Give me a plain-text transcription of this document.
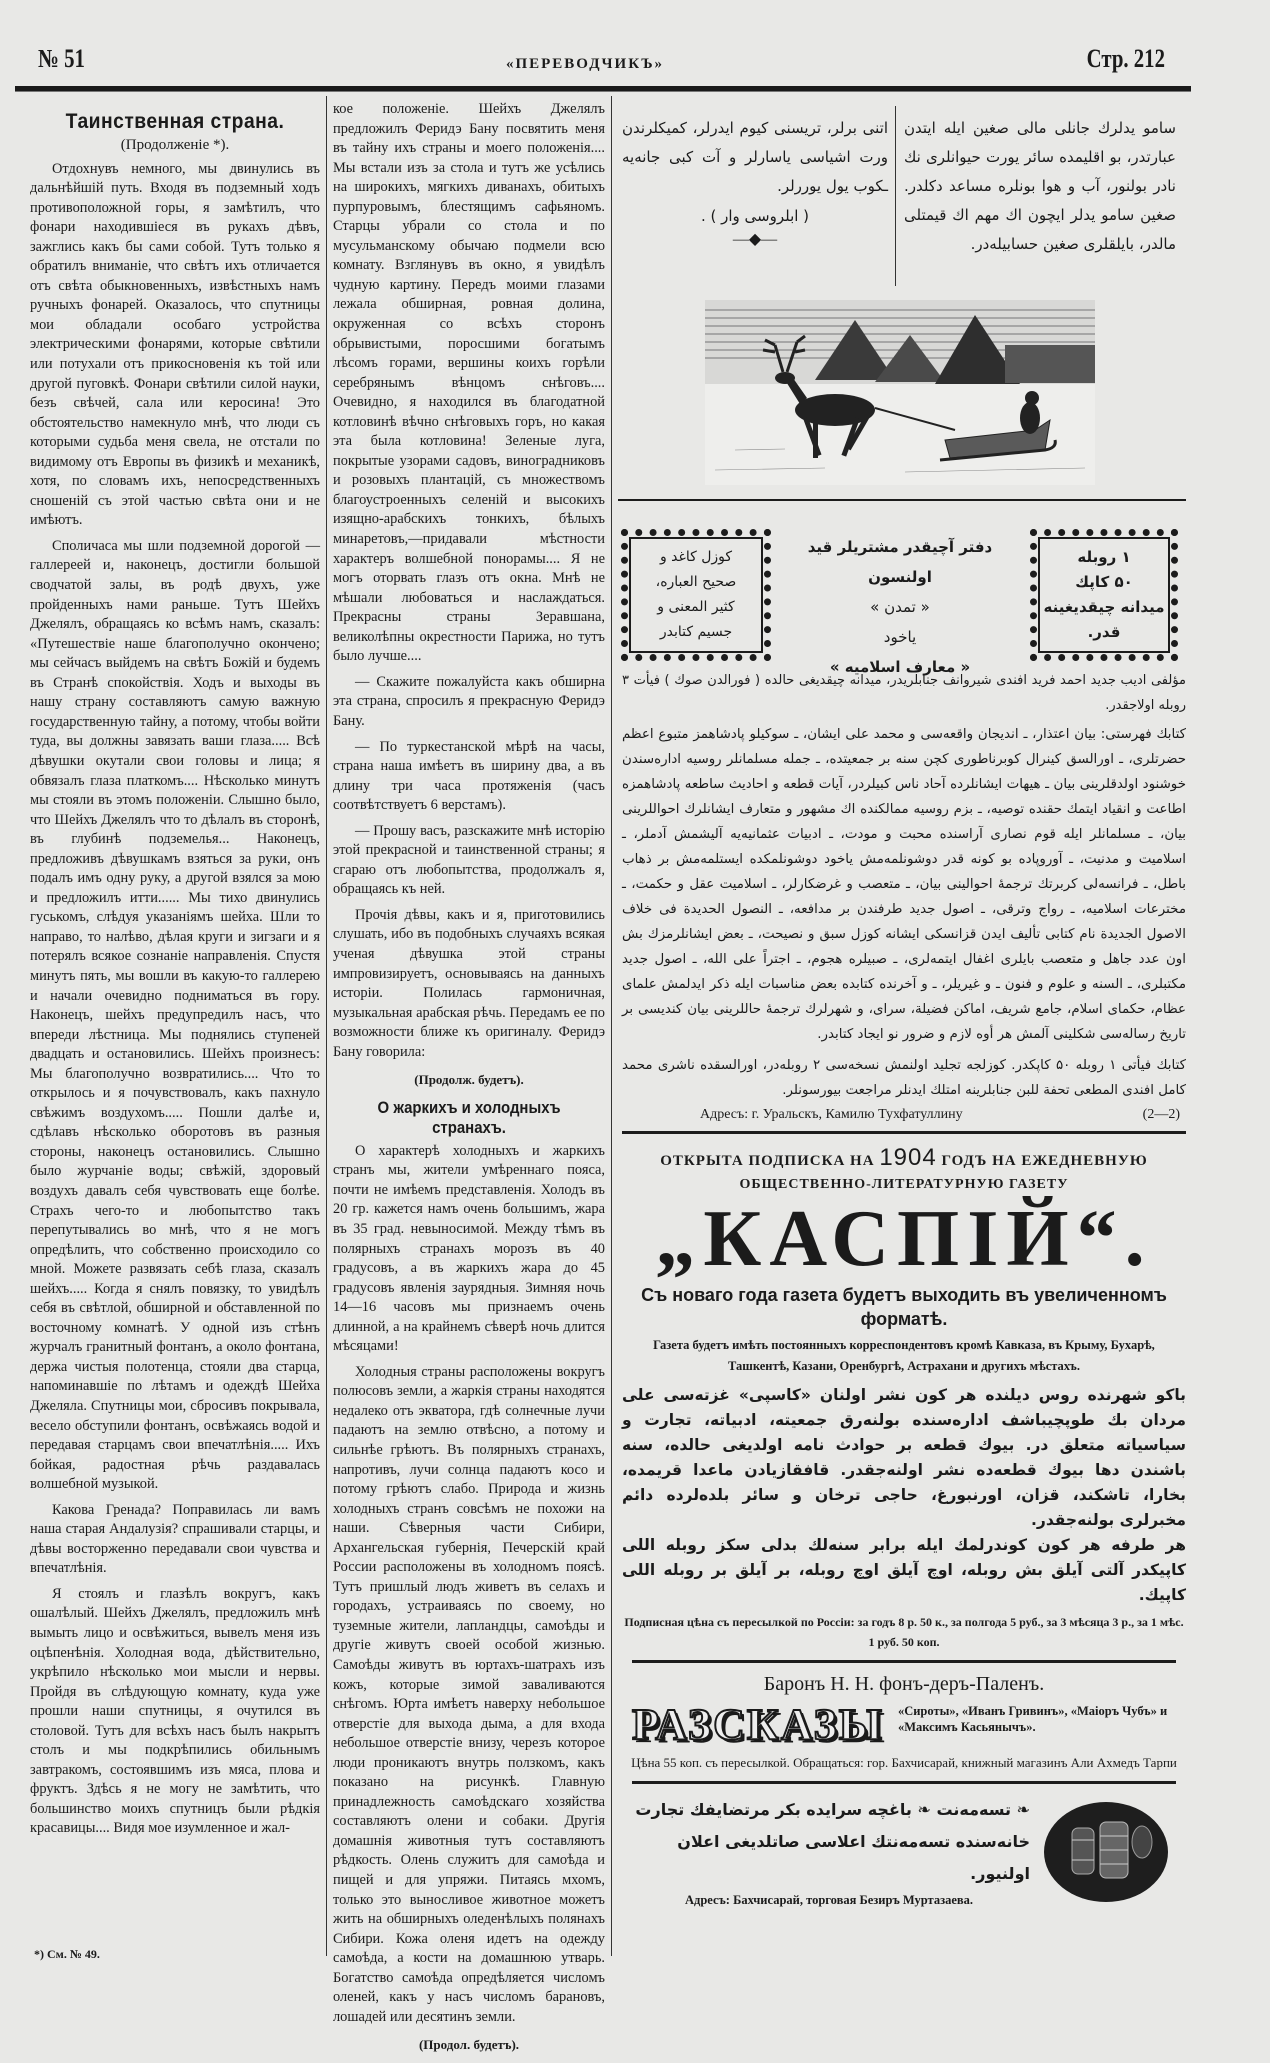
№ 51	«ПЕРЕВОДЧИКЪ»	Стр. 212
Таинственная страна.
(Продолженіе *).

Отдохнувъ немного, мы двинулись въ дальнѣйшій путь. Входя въ подземный ходъ противоположной горы, я замѣтилъ, что фонари находившіеся въ рукахъ дѣвъ, зажглись какъ бы сами собой. Тутъ только я обратилъ вниманіе, что свѣтъ ихъ отличается отъ свѣта обыкновенныхъ, извѣстныхъ намъ ручныхъ фонарей. Оказалось, что спутницы мои обладали особаго устройства электрическими фонарями, которые свѣтили или потухали отъ прикосновенія къ той или другой пуговкѣ. Фонари свѣтили силой науки, безъ свѣчей, сала или керосина! Это обстоятельство намекнуло мнѣ, что люди съ которыми судьба меня свела, не отстали по видимому отъ Европы въ физикѣ и механикѣ, хотя, по словамъ ихъ, непосредственныхъ сношеній съ этой частью свѣта они и не имѣютъ.

Споличаса мы шли подземной дорогой — галлереей и, наконецъ, достигли большой сводчатой залы, въ родѣ двухъ, уже пройденныхъ нами раньше. Тутъ Шейхъ Джелялъ, обращаясь ко всѣмъ намъ, сказалъ: «Путешествіе наше благополучно окончено; мы сейчасъ выйдемъ на свѣтъ Божій и будемъ въ Странѣ спокойствія. Ходъ и выходы въ нашу страну составляютъ самую важную государственную тайну, а потому, чтобы войти туда, вы должны завязать ваши глаза..... Всѣ дѣвушки окутали свои головы и лица; я обвязалъ глаза платкомъ.... Нѣсколько минутъ мы стояли въ этомъ положеніи. Слышно было, что Шейхъ Джелялъ что то дѣлалъ въ сторонѣ, въ глубинѣ подземелья... Наконецъ, предложивъ дѣвушкамъ взяться за руки, онъ подалъ имъ одну руку, а другой взялся за мою и предложилъ итти...... Мы тихо двинулись гуськомъ, слѣдуя указаніямъ шейха. Шли то направо, то налѣво, дѣлая круги и зигзаги и я потерялъ всякое сознаніе направленія. Спустя минутъ пять, мы вошли въ какую-то галлерею и начали очевидно подниматься въ гору. Наконецъ, шейхъ предупредилъ насъ, что впереди лѣстница. Мы поднялись ступеней двадцать и остановились. Шейхъ произнесъ: Мы благополучно возвратились.... Что то открылось и я почувствовалъ, какъ пахнуло свѣжимъ воздухомъ..... Пошли далѣе и, сдѣлавъ нѣсколько оборотовъ въ разныя стороны, наконецъ остановились. Слышно было журчаніе воды; свѣжій, здоровый воздухъ давалъ себя чувствовать еще болѣе. Страхъ чего-то и любопытство такъ перепутывались во мнѣ, что я не могъ опредѣлить, что собственно происходило со мной. Можете развязать себѣ глаза, сказалъ шейхъ..... Когда я снялъ повязку, то увидѣлъ себя въ свѣтлой, обширной и обставленной по восточному комнатѣ. У одной изъ стѣнъ журчалъ гранитный фонтанъ, а около фонтана, держа чистыя полотенца, стояли два старца, напоминавшіе по лѣтамъ и одеждѣ Шейха Джеляла. Спутницы мои, сбросивъ покрывала, весело обступили фонтанъ, освѣжаясь водой и передавая старцамъ свои впечатлѣнія..... Ихъ бойкая, радостная рѣчь раздавалась волшебной музыкой.

Какова Гренада? Поправилась ли вамъ наша старая Андалузія? спрашивали старцы, и дѣвы восторженно передавали свои чувства и впечатлѣнія.

Я стоялъ и глазѣлъ вокругъ, какъ ошалѣлый. Шейхъ Джелялъ, предложилъ мнѣ вымыть лицо и освѣжиться, вывелъ меня изъ оцѣпенѣнія. Холодная вода, дѣйствительно, укрѣпило нѣсколько мои мысли и нервы. Пройдя въ слѣдующую комнату, куда уже прошли наши спутницы, я очутился въ столовой. Тутъ для всѣхъ насъ былъ накрытъ столъ и мы подкрѣпились обильнымъ завтракомъ, состоявшимъ изъ мяса, плова и фруктъ. Здѣсь я не могу не замѣтить, что большинство моихъ спутницъ были рѣдкія красавицы.... Видя мое изумленное и жал-

*) См. № 49.

кое положеніе. Шейхъ Джелялъ предложилъ Феридэ Бану посвятить меня въ тайну ихъ страны и моего положенія.... Мы встали изъ за стола и тутъ же усѣлись на широкихъ, мягкихъ диванахъ, обитыхъ пурпуровымъ, блестящимъ сафьяномъ. Старцы убрали со стола и по мусульманскому обычаю подмели всю комнату. Взглянувъ въ окно, я увидѣлъ чудную картину. Передъ моими глазами лежала обширная, ровная долина, окруженная со всѣхъ сторонъ обрывистыми, поросшими богатымъ лѣсомъ горами, вершины коихъ горѣли серебрянымъ вѣнцомъ снѣговъ.... Очевидно, я находился въ благодатной котловинѣ вѣчно снѣговыхъ горъ, но какая эта была котловина! Зеленые луга, покрытые узорами садовъ, виноградниковъ и розовыхъ плантацій, съ множествомъ благоустроенныхъ селеній и высокихъ изящно-арабскихъ тонкихъ, бѣлыхъ минаретовъ,—придавали мѣстности характеръ волшебной понорамы.... Я не могъ оторвать глазъ отъ окна. Мнѣ не мѣшали любоваться и наслаждаться. Прекрасны страны Зеравшана, великолѣпны окрестности Парижа, но тутъ было лучше....

— Скажите пожалуйста какъ обширна эта страна, спросилъ я прекрасную Феридэ Бану.

— По туркестанской мѣрѣ на часы, страна наша имѣетъ въ ширину два, а въ длину три часа протяженія (часъ соотвѣтствуетъ 6 верстамъ).

— Прошу васъ, разскажите мнѣ исторію этой прекрасной и таинственной страны; я сгараю отъ любопытства, продолжалъ я, обращаясь къ ней.

Прочія дѣвы, какъ и я, приготовились слушать, ибо въ подобныхъ случаяхъ всякая ученая дѣвушка этой страны импровизируетъ, основываясь на данныхъ исторіи. Полилась гармоничная, музыкальная арабская рѣчь. Передамъ ее по возможности ближе къ оригиналу. Феридэ Бану говорила:

(Продолж. будетъ).
О жаркихъ и холодныхъ странахъ.

О характерѣ холодныхъ и жаркихъ странъ мы, жители умѣреннаго пояса, почти не имѣемъ представленія. Холодъ въ 20 гр. кажется намъ очень большимъ, жара въ 35 град. невыносимой. Между тѣмъ въ полярныхъ странахъ морозъ въ 40 градусовъ, а въ жаркихъ жара до 45 градусовъ явленія заурядныя. Зимняя ночь 14—16 часовъ мы признаемъ очень длинной, а на крайнемъ сѣверѣ ночь длится мѣсяцами!

Холодныя страны расположены вокругъ полюсовъ земли, а жаркія страны находятся недалеко отъ экватора, гдѣ солнечные лучи падаютъ на землю отвѣсно, а потому и сильнѣе грѣютъ. Въ полярныхъ странахъ, напротивъ, лучи солнца падаютъ косо и потому грѣютъ слабо. Природа и жизнь холодныхъ странъ совсѣмъ не похожи на наши. Сѣверныя части Сибири, Архангельская губернія, Печерскій край России расположены въ холодномъ поясѣ. Тутъ пришлый людъ живетъ въ селахъ и городахъ, устраиваясь по своему, но туземные жители, лапландцы, самоѣды и другіе живутъ своей особой жизнью. Самоѣды живутъ въ юртахъ-шатрахъ изъ кожъ, которые зимой заваливаются снѣгомъ. Юрта имѣетъ наверху небольшое отверстіе для выхода дыма, а для входа небольшое отверстіе внизу, черезъ которое люди проникаютъ внутрь ползкомъ, какъ показано на рисункѣ. Главную принадлежность самоѣдскаго хозяйства составляютъ олени и собаки. Другія домашнія животныя тутъ составляютъ рѣдкость. Олень служитъ для самоѣда и пищей и для упряжи. Питаясь мхомъ, только это выносливое животное можетъ жить на обширныхъ оледенѣлыхъ полянахъ Сибири. Кожа оленя идетъ на одежду самоѣда, а кости на домашнюю утварь. Богатство самоѣда опредѣляется числомъ оленей, какъ у насъ числомъ барановъ, лошадей или десятинъ земли.

(Продол. будетъ).
سامو يدلرك جانلى مالى صغين ايله ايتدن عبارتدر، بو اقليمده سائر يورت حيوانلرى نك نادر بولنور، آب و هوا بونلره مساعد دكلدر. صغين سامو يدلر ايچون اك مهم اك قيمتلى مالدر، بايلقلرى صغين حسابيله‌در.
اتنى برلر، تريسنى كيوم ايدرلر، كميكلرندن ورت اشياسى ياسارلر و آت كبى جانه‌يه ـكوب يول يوررلر.
( ابلروسى وار ) .
—◆—
۱ روبله
۵۰ كاپك
ميدانه چيقديغينه
قدر.
دفتر آچيقدر مشتريلر قيد اولنسون
« تمدن »
ياخود
« معارف اسلاميه »
كوزل كاغد و
صحيح العباره،
كثير المعنى و
جسيم كتابدر
مؤلفى اديب جديد احمد فريد افندى شيروانف جنابلريدر، ميدانه چيقديغى حالده ( فورالدن صوك ) فيأت ۳ روبله اولاجقدر.
كتابك فهرستى: بيان اعتذار، ـ انديجان واقعه‌سى و محمد على ايشان، ـ سوكيلو پادشاهمز متبوع اعظم حضرتلرى، ـ اورالسق كينرال كوبرناطورى كچن سنه بر جمعيتده، ـ جمله مسلمانلر روسيه اداره‌سندن خوشنود اولدقلرينى بيان ـ هيهات ايشانلرده آحاد ناس كبيلردر، آيات قطعه و احاديث ساطعه پادشاهمزه اطاعت و انقياد ايتمك حقنده توصيه، ـ بزم روسيه ممالكنده اك مشهور و متعارف ايشانلرك احواللرينى بيان، ـ مسلمانلر ايله قوم نصارى آراسنده محبت و مودت، ـ ادبيات عثمانيه‌يه آليشمش آدملر، ـ اسلاميت و مدنيت، ـ آوروپاده بو كونه قدر دوشونلمه‌مش ياخود دوشونلمكده ايستلمه‌مش بر ذهاب باطل، ـ فرانسه‌لى كربرتك ترجمهٔ احوالينى بيان، ـ متعصب و غرضكارلر، ـ اسلاميت عقل و حكمت، ـ مخترعات اسلاميه، ـ رواج وترقى، ـ اصول جديد طرفندن بر مدافعه، ـ النصول الحديدة فى خلاف الاصول الجديدة نام كتابى تأليف ايدن قزانسكى ايشانه كوزل سبق و نصيحت، ـ بعض ايشانلرمزك بش اون عدد جاهل و متعصب بايلرى اغفال ايتمه‌لرى، ـ صبيلره هجوم، ـ اجتراً على الله، ـ اصول جديد مكتبلرى، ـ السنه و علوم و فنون ـ و غيريلر، ـ و آخرنده كتابده بعض مناسبات ايله ذكر ايدلمش علماى عظام، حكماى اسلام، جامع شريف، اماكن فضيلة، سراى، و شهرلرك ترجمهٔ حاللرينى بيان كنديسى بر تاريخ رساله‌سى شكلينى آلمش هر أوه لازم و ضرور نو ايجاد كتابدر.
كتابك فيأتى ۱ روبله ۵۰ كاپكدر. كوزلجه تجليد اولنمش نسخه‌سى ۲ روبله‌در، اورالسقده ناشرى محمد كامل افندى المطعى تحفة للبن جنابلرينه امتلك ايدنلر مراجعت بيورسونلر.
Адресъ: г. Уральскъ, Камилю Тухфатуллину	(2—2)
ОТКРЫТА ПОДПИСКА НА 1904 ГОДЪ НА ЕЖЕДНЕВНУЮ
ОБЩЕСТВЕННО-ЛИТЕРАТУРНУЮ ГАЗЕТУ
„КАСПІЙ“.
Съ новаго года газета будетъ выходить въ увеличенномъ форматѣ.
Газета будетъ имѣть постоянныхъ корреспондентовъ кромѣ Кавказа, въ Крыму, Бухарѣ, Ташкентѣ, Казани, Оренбургѣ, Астрахани и другихъ мѣстахъ.
باكو شهرنده روس ديلنده هر كون نشر اولنان «كاسپى» غزته‌سى على مردان بك طوپچيباشف اداره‌سنده بولنه‌رق جمعيته، ادبياته، تجارت و سياسياته متعلق در. بيوك قطعه بر حوادث نامه اولديغى حالده، سنه باشندن دها بيوك قطعه‌ده نشر اولنه‌جقدر. قافقازيادن ماعدا قريمده، بخارا، تاشكند، قزان، اورنبورغ، حاجى ترخان و سائر بلده‌لرده دائم مخبرلرى بولنه‌جقدر.
هر طرفه هر كون كوندرلمك ايله برابر سنه‌لك بدلى سكز روبله اللى كاپيكدر آلتى آيلق بش روبله، اوچ آيلق اوچ روبله، بر آيلق بر روبله اللى كاپيك.
Подписная цѣна съ пересылкой по Россіи: за годъ 8 р. 50 к., за полгода 5 руб., за 3 мѣсяца 3 р., за 1 мѣс. 1 руб. 50 коп.
Баронъ Н. Н. фонъ-деръ-Паленъ.
РАЗСКАЗЫ «Сироты», «Иванъ Гривинъ», «Маіоръ Чубъ» и «Максимъ Касьянычъ».
Цѣна 55 коп. съ пересылкой. Обращаться: гор. Бахчисарай, книжный магазинъ Али Ахмедъ Тарпи
❧ تسه‌مه‌نت ❧ باغچه سرايده بكر مرتضايفك تجارت
خانه‌سنده تسه‌مه‌نتك اعلاسى صاتلديغى اعلان اولنيور.
Адресъ: Бахчисарай, торговая Безиръ Муртазаева.
